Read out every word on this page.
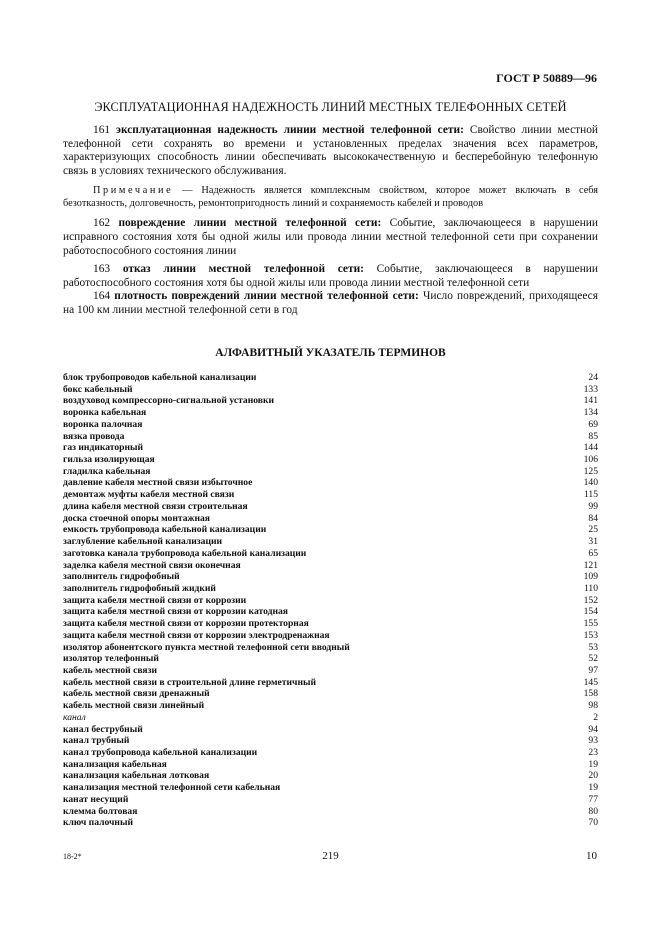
ГОСТ Р 50889—96
ЭКСПЛУАТАЦИОННАЯ НАДЕЖНОСТЬ ЛИНИЙ МЕСТНЫХ ТЕЛЕФОННЫХ СЕТЕЙ

161 эксплуатационная надежность линии местной телефонной сети: Свойство линии местной телефонной сети сохранять во времени и установленных пределах значения всех параметров, характеризующих способность линии обеспечивать высококачественную и бесперебойную телефонную связь в условиях технического обслуживания.

Примечание — Надежность является комплексным свойством, которое может включать в себя безотказность, долговечность, ремонтопригодность линий и сохраняемость кабелей и проводов

162 повреждение линии местной телефонной сети: Событие, заключающееся в нарушении исправного состояния хотя бы одной жилы или провода линии местной телефонной сети при сохранении работоспособного состояния линии

163 отказ линии местной телефонной сети: Событие, заключающееся в нарушении работоспособного состояния хотя бы одной жилы или провода линии местной телефонной сети

164 плотность повреждений линии местной телефонной сети: Число повреждений, приходящееся на 100 км линии местной телефонной сети в год

АЛФАВИТНЫЙ УКАЗАТЕЛЬ ТЕРМИНОВ
блок трубопроводов кабельной канализации	24
бокс кабельный	133
воздуховод компрессорно-сигнальной установки	141
воронка кабельная	134
воронка палочная	69
вязка провода	85
газ индикаторный	144
гильза изолирующая	106
гладилка кабельная	125
давление кабеля местной связи избыточное	140
демонтаж муфты кабеля местной связи	115
длина кабеля местной связи строительная	99
доска стоечной опоры монтажная	84
емкость трубопровода кабельной канализации	25
заглубление кабельной канализации	31
заготовка канала трубопровода кабельной канализации	65
заделка кабеля местной связи оконечная	121
заполнитель гидрофобный	109
заполнитель гидрофобный жидкий	110
защита кабеля местной связи от коррозии	152
защита кабеля местной связи от коррозии катодная	154
защита кабеля местной связи от коррозии протекторная	155
защита кабеля местной связи от коррозии электродренажная	153
изолятор абонентского пункта местной телефонной сети вводный	53
изолятор телефонный	52
кабель местной связи	97
кабель местной связи в строительной длине герметичный	145
кабель местной связи дренажный	158
кабель местной связи линейный	98
канал	2
канал беструбный	94
канал трубный	93
канал трубопровода кабельной канализации	23
канализация кабельная	19
канализация кабельная лотковая	20
канализация местной телефонной сети кабельная	19
канат несущий	77
клемма болтовая	80
ключ палочный	70
18-2*	219	10
